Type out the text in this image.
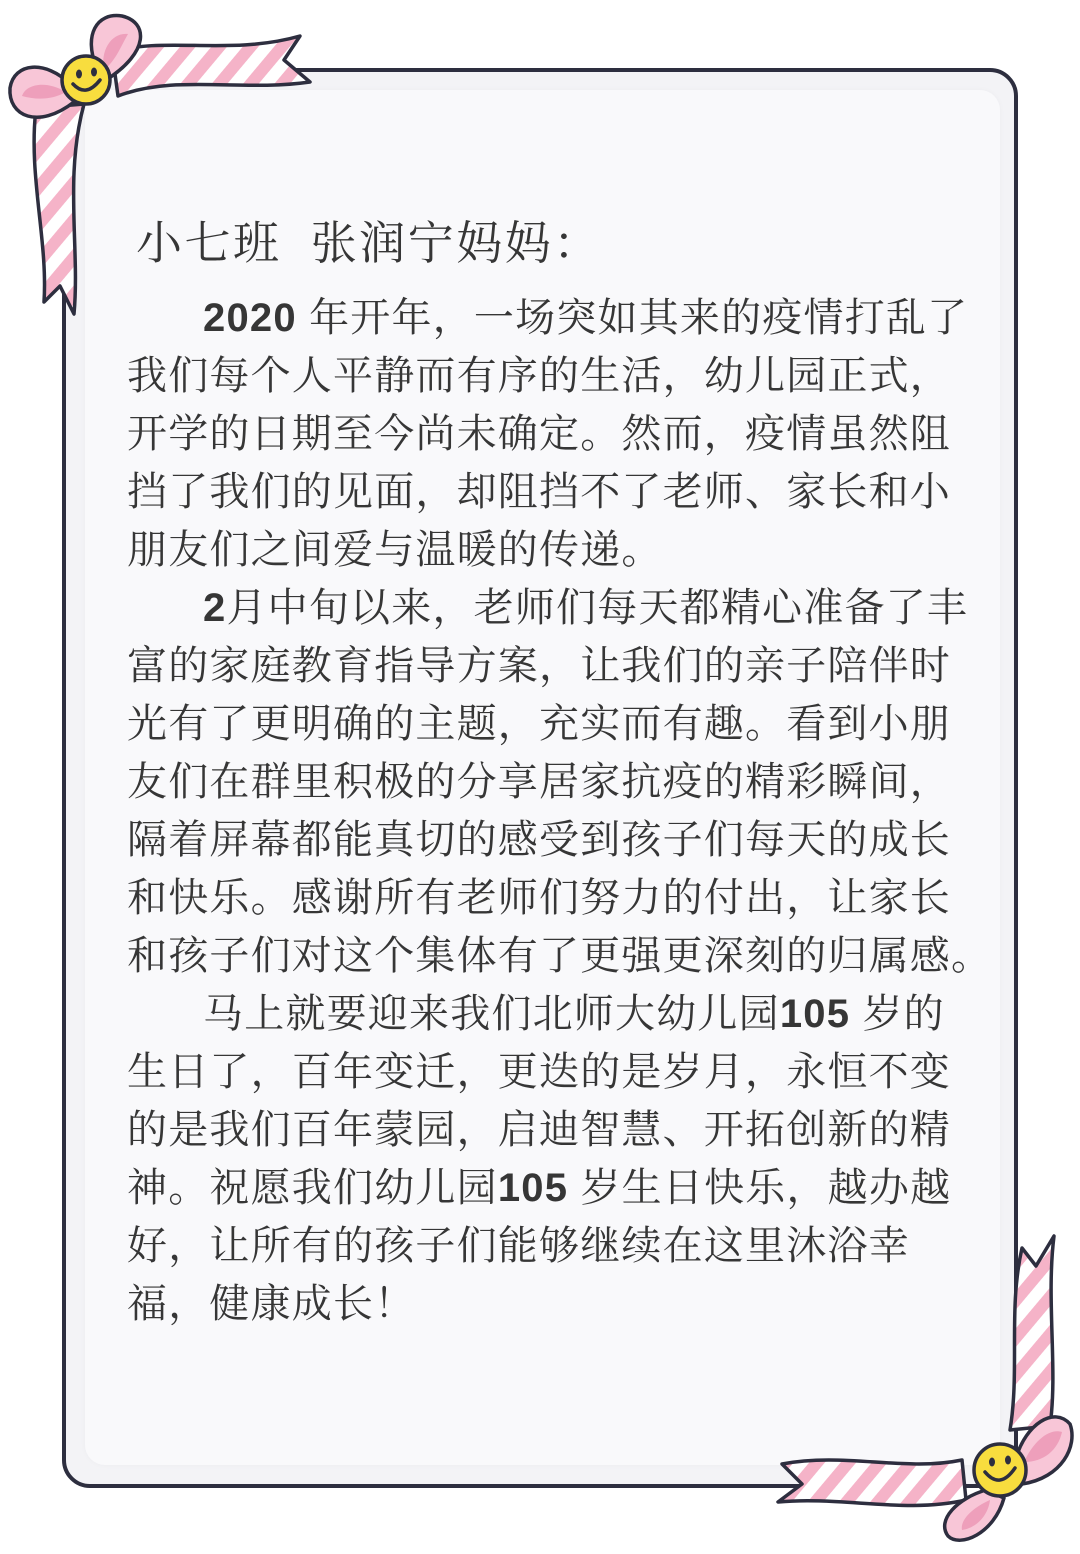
小七班 张润宁妈妈：
2020 年开年，一场突如其来的疫情打乱了
我们每个人平静而有序的生活，幼儿园正式，
开学的日期至今尚未确定。然而，疫情虽然阻
挡了我们的见面，却阻挡不了老师、家长和小
朋友们之间爱与温暖的传递。
2月中旬以来，老师们每天都精心准备了丰
富的家庭教育指导方案，让我们的亲子陪伴时
光有了更明确的主题，充实而有趣。看到小朋
友们在群里积极的分享居家抗疫的精彩瞬间，
隔着屏幕都能真切的感受到孩子们每天的成长
和快乐。感谢所有老师们努力的付出，让家长
和孩子们对这个集体有了更强更深刻的归属感。
马上就要迎来我们北师大幼儿园105 岁的
生日了，百年变迁，更迭的是岁月，永恒不变
的是我们百年蒙园，启迪智慧、开拓创新的精
神。祝愿我们幼儿园105 岁生日快乐，越办越
好，让所有的孩子们能够继续在这里沐浴幸
福，健康成长！
